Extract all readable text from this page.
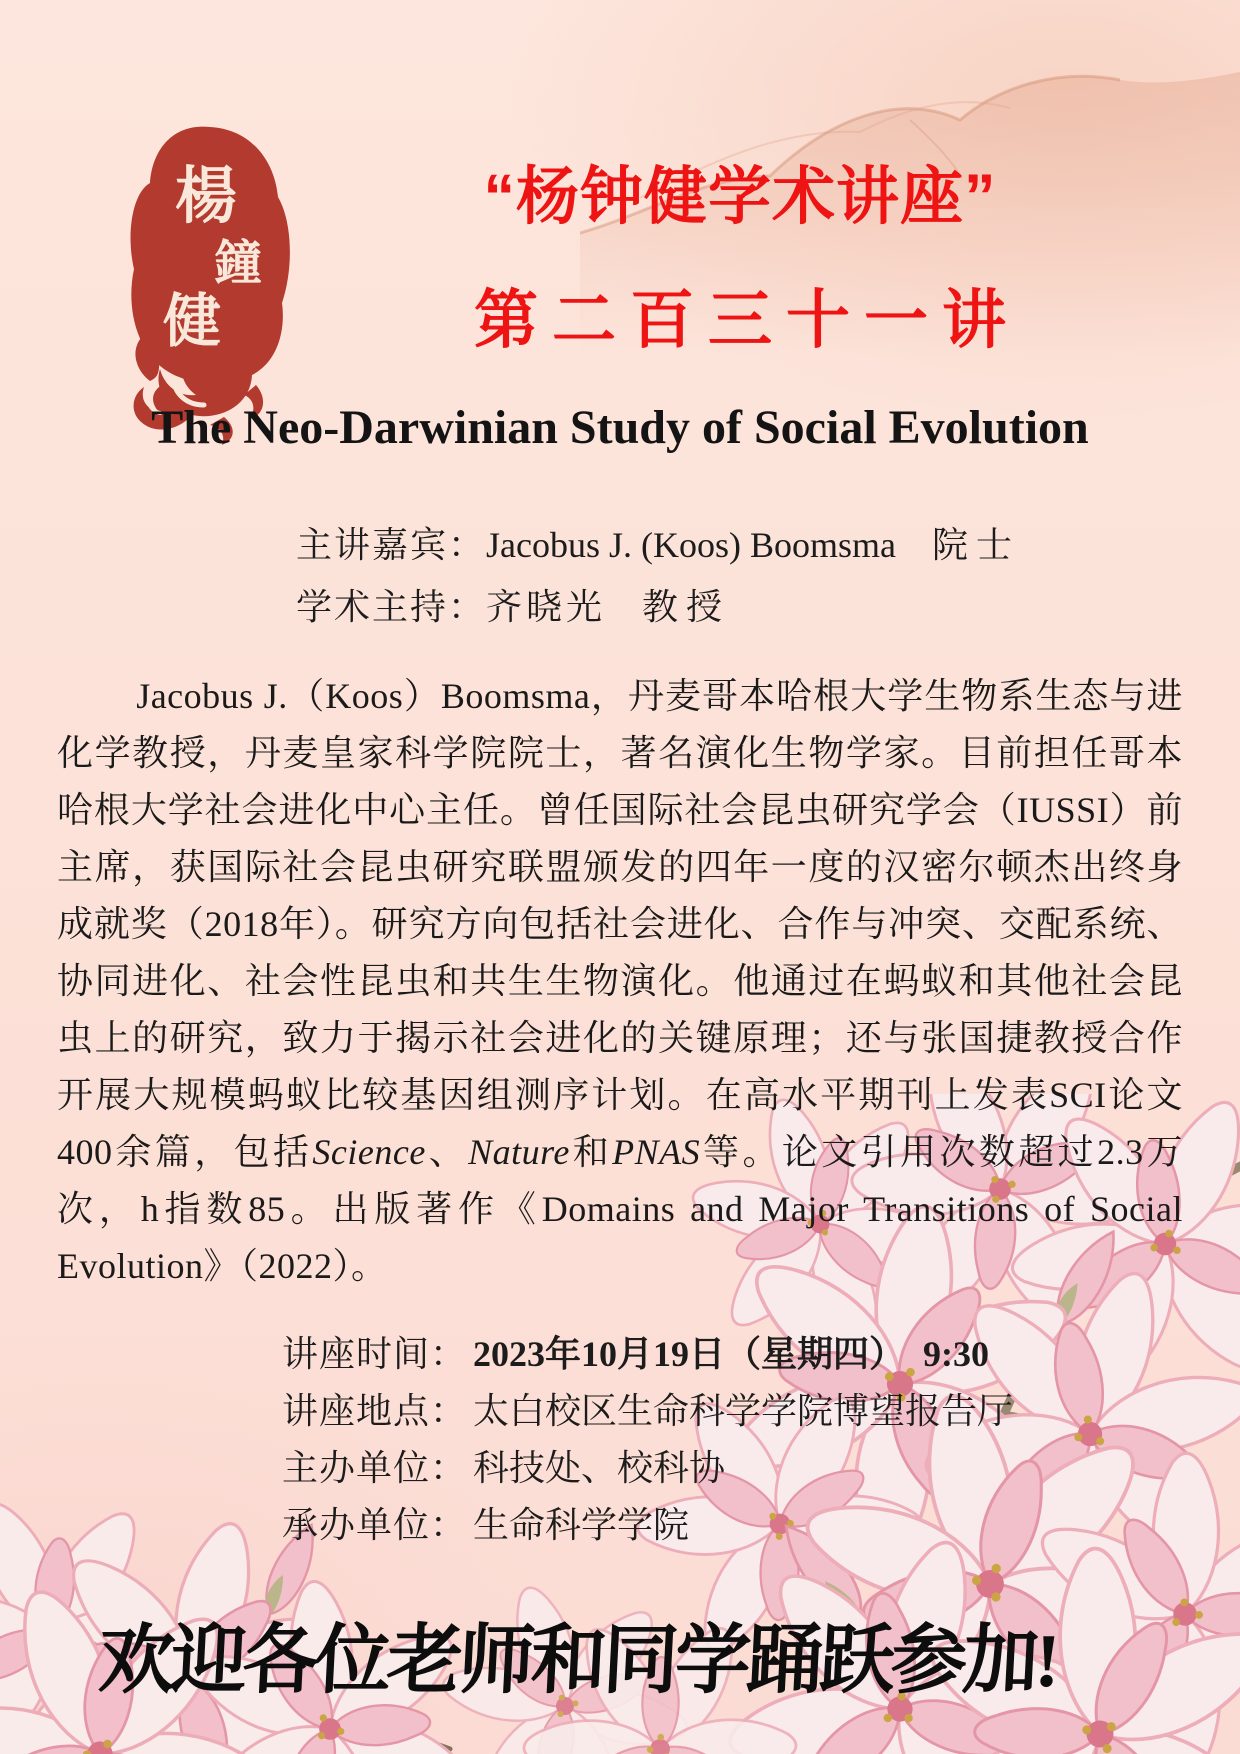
楊
鐘
健
“杨钟健学术讲座”
第二百三十一讲
The Neo-Darwinian Study of Social Evolution
主讲嘉宾：Jacobus J. (Koos) Boomsma 院士
学术主持：齐晓光 教授

Jacobus J.（Koos）Boomsma，丹麦哥本哈根大学生物系生态与进化学教授，丹麦皇家科学院院士，著名演化生物学家。目前担任哥本哈根大学社会进化中心主任。曾任国际社会昆虫研究学会（IUSSI）前主席，获国际社会昆虫研究联盟颁发的四年一度的汉密尔顿杰出终身成就奖（2018年）。研究方向包括社会进化、合作与冲突、交配系统、协同进化、社会性昆虫和共生生物演化。他通过在蚂蚁和其他社会昆虫上的研究，致力于揭示社会进化的关键原理；还与张国捷教授合作开展大规模蚂蚁比较基因组测序计划。在高水平期刊上发表SCI论文400余篇，包括Science、Nature和PNAS等。论文引用次数超过2.3万次，h指数85。出版著作《Domains and Major Transitions of Social Evolution》（2022）。

讲座时间： 2023年10月19日（星期四）　9:30
讲座地点： 太白校区生命科学学院博望报告厅
主办单位： 科技处、校科协
承办单位： 生命科学学院
欢迎各位老师和同学踊跃参加!
